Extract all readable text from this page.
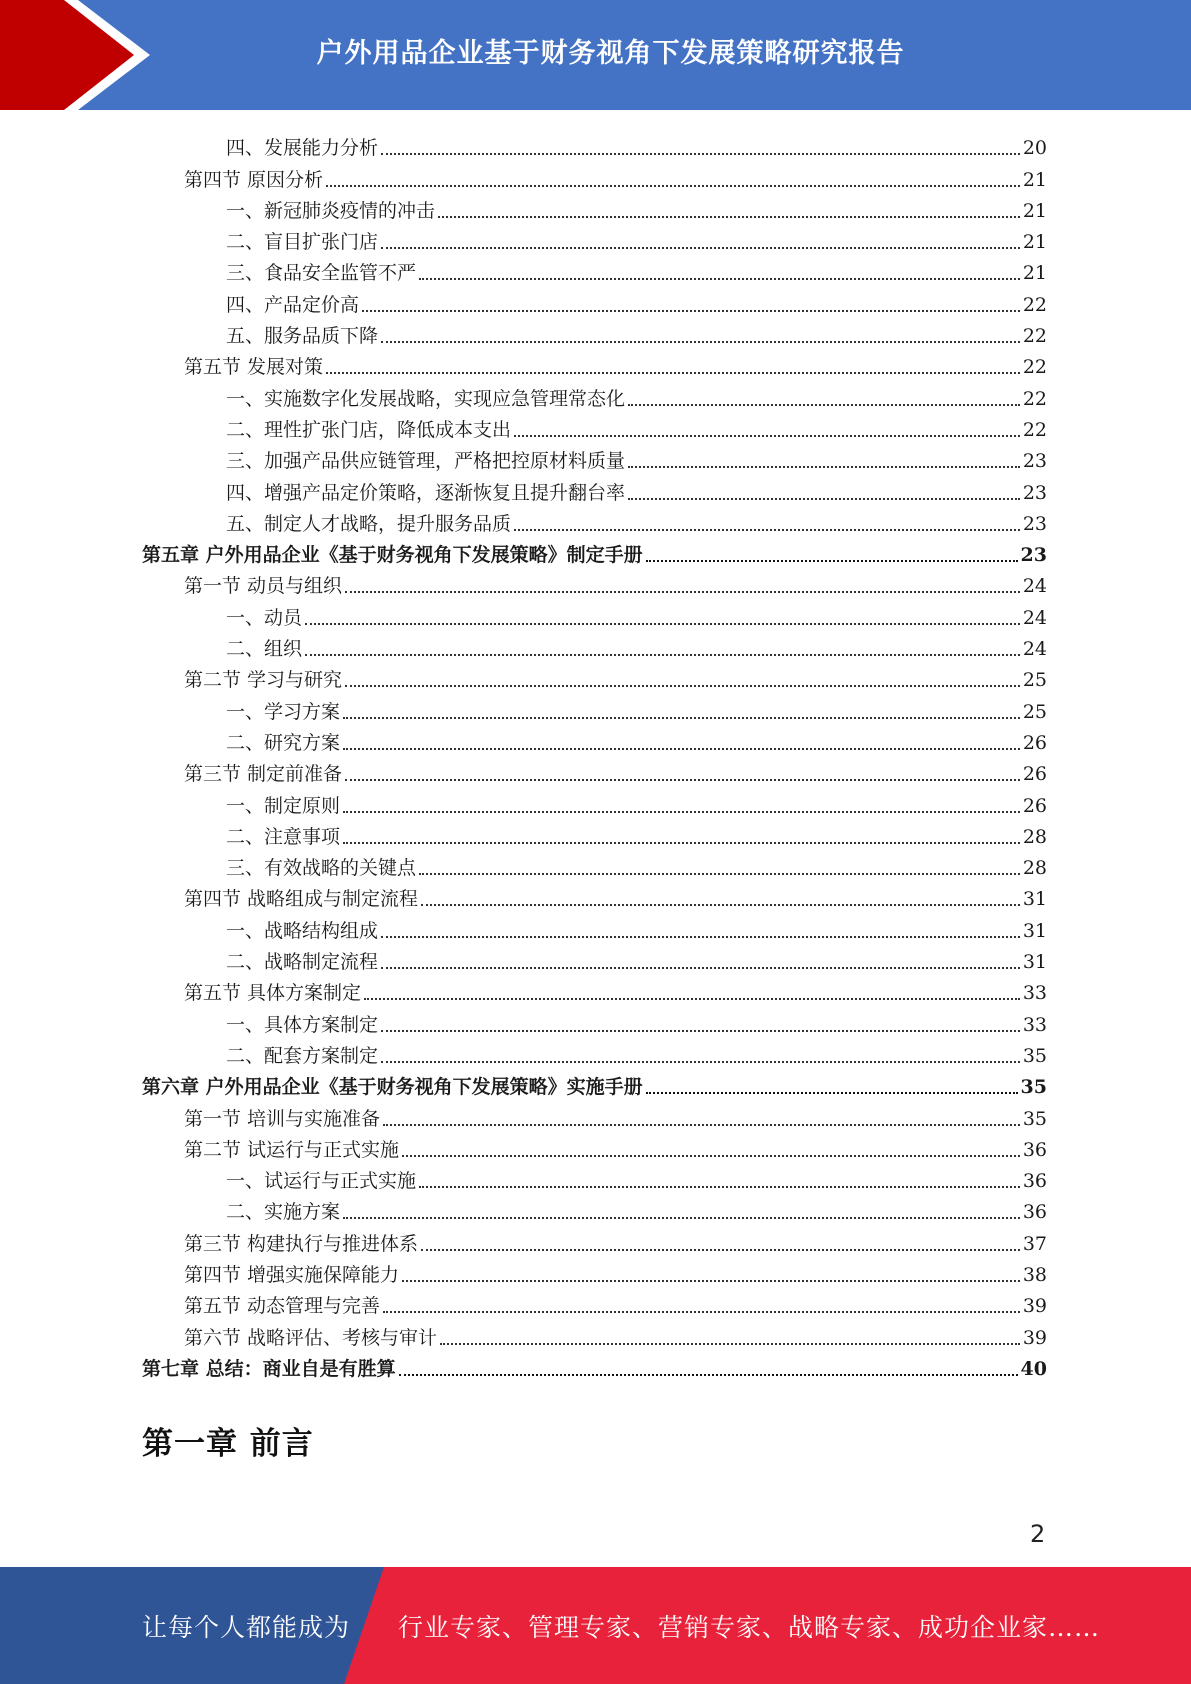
户外用品企业基于财务视角下发展策略研究报告
四、发展能力分析	20
第四节 原因分析	21
一、新冠肺炎疫情的冲击	21
二、盲目扩张门店	21
三、食品安全监管不严	21
四、产品定价高	22
五、服务品质下降	22
第五节 发展对策	22
一、实施数字化发展战略，实现应急管理常态化	22
二、理性扩张门店，降低成本支出	22
三、加强产品供应链管理，严格把控原材料质量	23
四、增强产品定价策略，逐渐恢复且提升翻台率	23
五、制定人才战略，提升服务品质	23
第五章 户外用品企业《基于财务视角下发展策略》制定手册	23
第一节 动员与组织	24
一、动员	24
二、组织	24
第二节 学习与研究	25
一、学习方案	25
二、研究方案	26
第三节 制定前准备	26
一、制定原则	26
二、注意事项	28
三、有效战略的关键点	28
第四节 战略组成与制定流程	31
一、战略结构组成	31
二、战略制定流程	31
第五节 具体方案制定	33
一、具体方案制定	33
二、配套方案制定	35
第六章 户外用品企业《基于财务视角下发展策略》实施手册	35
第一节 培训与实施准备	35
第二节 试运行与正式实施	36
一、试运行与正式实施	36
二、实施方案	36
第三节 构建执行与推进体系	37
第四节 增强实施保障能力	38
第五节 动态管理与完善	39
第六节 战略评估、考核与审计	39
第七章 总结：商业自是有胜算	40
第一章 前言
2
让每个人都能成为 行业专家、管理专家、营销专家、战略专家、成功企业家……
